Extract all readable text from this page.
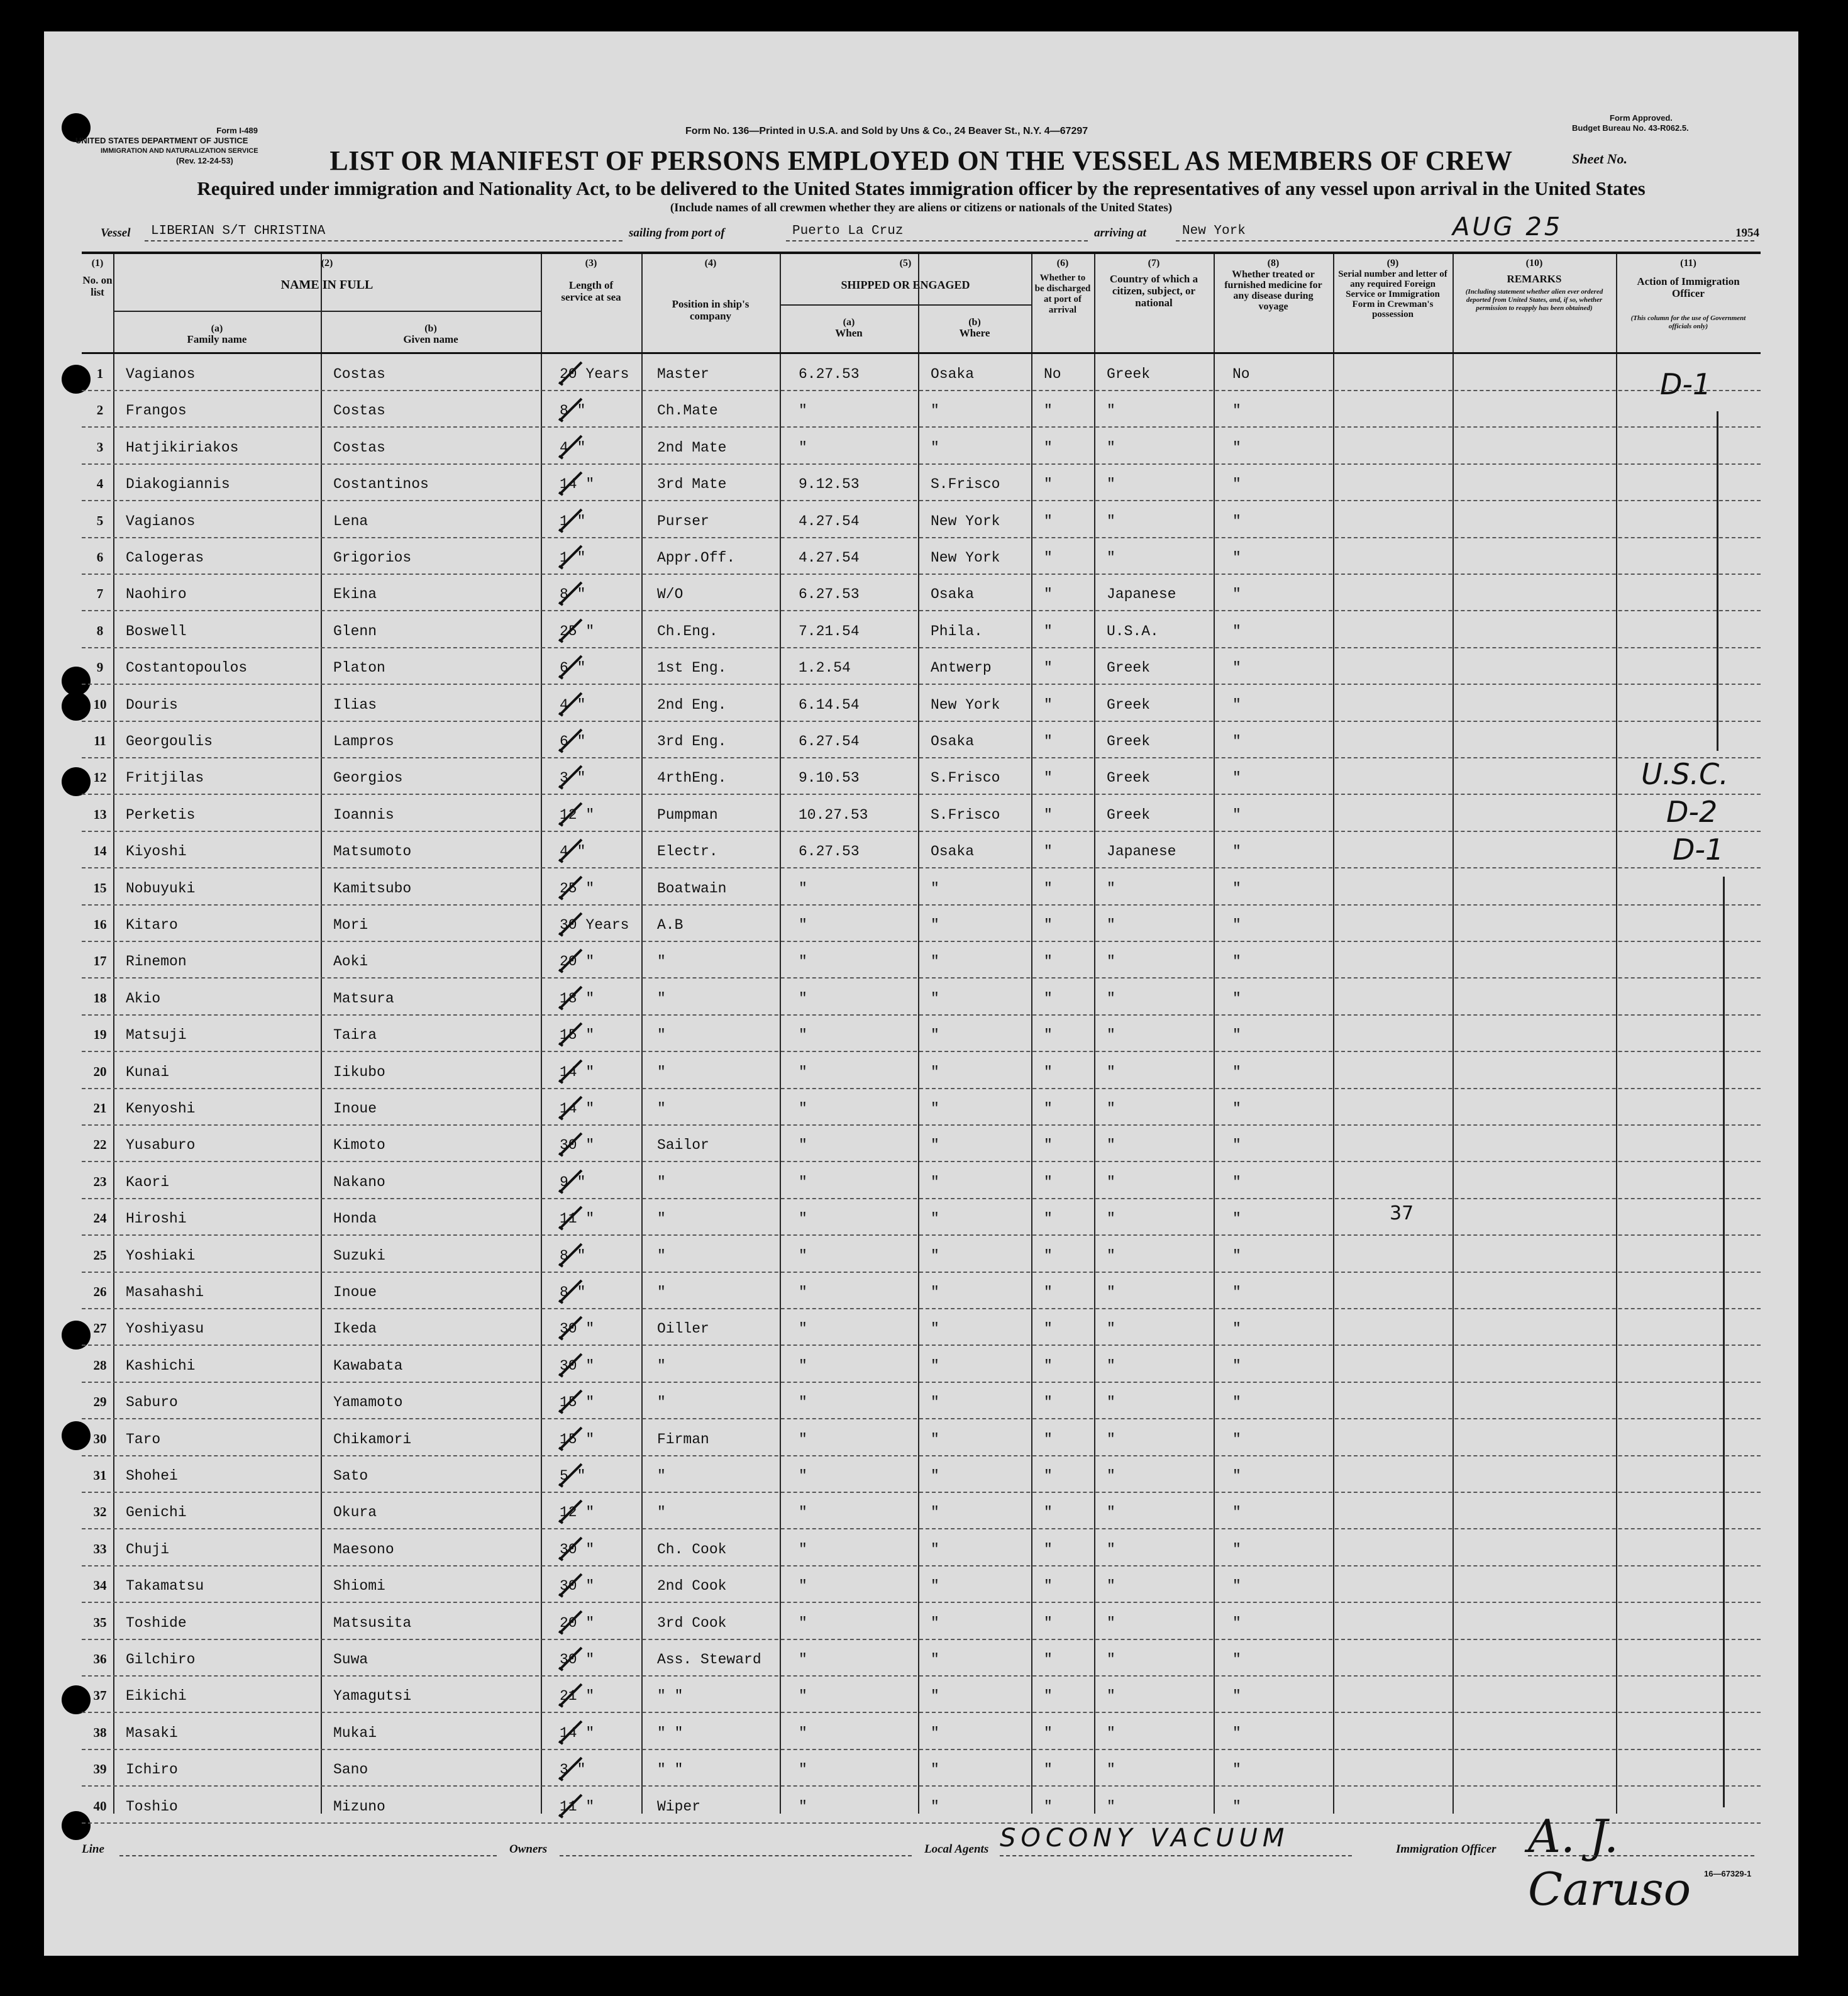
Form I-489
UNITED STATES DEPARTMENT OF JUSTICE
IMMIGRATION AND NATURALIZATION SERVICE
(Rev. 12-24-53)
Form No. 136—Printed in U.S.A. and Sold by Uns & Co., 24 Beaver St., N.Y. 4—67297
Form Approved.
Budget Bureau No. 43-R062.5.
Sheet No.
LIST OR MANIFEST OF PERSONS EMPLOYED ON THE VESSEL AS MEMBERS OF CREW
Required under immigration and Nationality Act, to be delivered to the United States immigration officer by the representatives of any vessel upon arrival in the United States
(Include names of all crewmen whether they are aliens or citizens or nationals of the United States)
Vessel LIBERIAN S/T CHRISTINA	sailing from port of	Puerto La Cruz	arriving at	New York	AUG 25	1954
(1)
No. on list
(2)
NAME IN FULL
(a)
Family name
(b)
Given name
(3)
Length of service at sea
(4)
Position in ship's company
(5)
SHIPPED OR ENGAGED
(a)
When
(b)
Where
(6)
Whether to be discharged at port of arrival
(7)
Country of which a citizen, subject, or national
(8)
Whether treated or furnished medicine for any disease during voyage
(9)
Serial number and letter of any required Foreign Service or Immigration Form in Crewman's possession
(10)
REMARKS
(Including statement whether alien ever ordered deported from United States, and, if so, whether permission to reapply has been obtained)
(11)
Action of Immigration Officer
(This column for the use of Government officials only)
1	Vagianos	Costas	20 Years Master	6.27.53	Osaka	No	Greek	No
2	Frangos	Costas	8 "	Ch.Mate	"	"	"	"	"
3	Hatjikiriakos	Costas	4 "	2nd Mate	"	"	"	"	"
4	Diakogiannis	Costantinos	14 "	3rd Mate	9.12.53	S.Frisco	"	"	"
5	Vagianos	Lena	1 "	Purser	4.27.54	New York	"	"	"
6	Calogeras	Grigorios	1 "	Appr.Off.	4.27.54	New York	"	"	"
7	Naohiro	Ekina	8 "	W/O	6.27.53	Osaka	"	Japanese	"
8	Boswell	Glenn	25 "	Ch.Eng.	7.21.54	Phila.	"	U.S.A.	"
9	Costantopoulos	Platon	6 "	1st Eng.	1.2.54	Antwerp	"	Greek	"
10	Douris	Ilias	4 "	2nd Eng.	6.14.54	New York	"	Greek	"
11	Georgoulis	Lampros	6 "	3rd Eng.	6.27.54	Osaka	"	Greek	"
12	Fritjilas	Georgios	3 "	4rthEng.	9.10.53	S.Frisco	"	Greek	"
13	Perketis	Ioannis	12 "	Pumpman	10.27.53	S.Frisco	"	Greek	"
14	Kiyoshi	Matsumoto	4 "	Electr.	6.27.53	Osaka	"	Japanese	"
15	Nobuyuki	Kamitsubo	25 "	Boatwain	"	"	"	"	"
16	Kitaro	Mori	30 Years A.B	"	"	"	"	"
17	Rinemon	Aoki	20 "	"	"	"	"	"	"
18	Akio	Matsura	18 "	"	"	"	"	"	"
19	Matsuji	Taira	15 "	"	"	"	"	"	"
20	Kunai	Iikubo	14 "	"	"	"	"	"	"
21	Kenyoshi	Inoue	14 "	"	"	"	"	"	"
22	Yusaburo	Kimoto	30 "	Sailor	"	"	"	"	"
23	Kaori	Nakano	9 "	"	"	"	"	"	"
24	Hiroshi	Honda	11 "	"	"	"	"	"	"
25	Yoshiaki	Suzuki	8 "	"	"	"	"	"	"
26	Masahashi	Inoue	8 "	"	"	"	"	"	"
27	Yoshiyasu	Ikeda	30 "	Oiller	"	"	"	"	"
28	Kashichi	Kawabata	30 "	"	"	"	"	"	"
29	Saburo	Yamamoto	15 "	"	"	"	"	"	"
30	Taro	Chikamori	15 "	Firman	"	"	"	"	"
31	Shohei	Sato	5 "	"	"	"	"	"	"
32	Genichi	Okura	12 "	"	"	"	"	"	"
33	Chuji	Maesono	30 "	Ch. Cook	"	"	"	"	"
34	Takamatsu	Shiomi	30 "	2nd Cook	"	"	"	"	"
35	Toshide	Matsusita	20 "	3rd Cook	"	"	"	"	"
36	Gilchiro	Suwa	30 "	Ass. Steward	"	"	"	"	"
37	Eikichi	Yamagutsi	21 "	" "	"	"	"	"	"
38	Masaki	Mukai	14 "	" "	"	"	"	"	"
39	Ichiro	Sano	3 "	" "	"	"	"	"	"
40	Toshio	Mizuno	11 "	Wiper	"	"	"	"	"
D-1
U.S.C.
D-2
D-1
37
Line	Owners	Local Agents SOCONY VACUUM	Immigration Officer A. J. Caruso	16—67329-1
